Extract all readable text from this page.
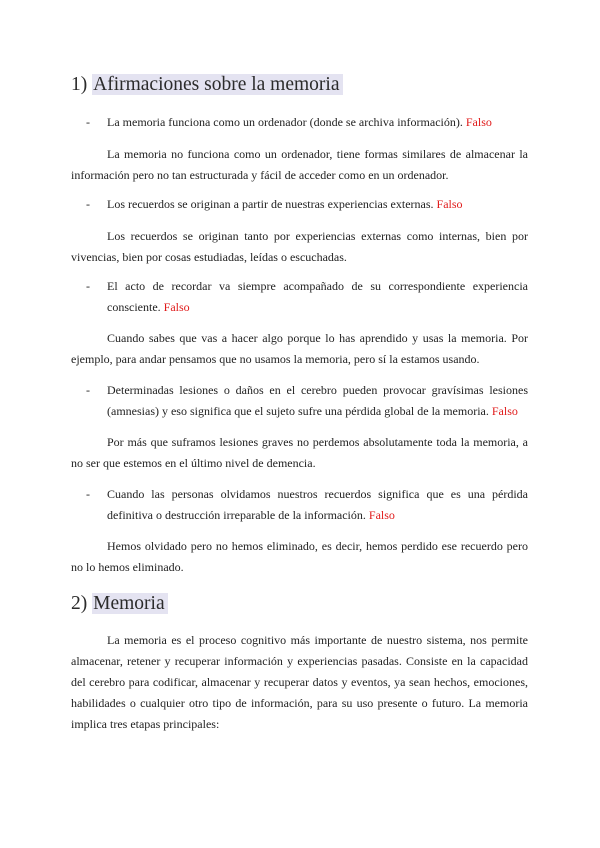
1) Afirmaciones sobre la memoria
- La memoria funciona como un ordenador (donde se archiva información). Falso

La memoria no funciona como un ordenador, tiene formas similares de almacenar la información pero no tan estructurada y fácil de acceder como en un ordenador.

- Los recuerdos se originan a partir de nuestras experiencias externas. Falso

Los recuerdos se originan tanto por experiencias externas como internas, bien por vivencias, bien por cosas estudiadas, leídas o escuchadas.

- El acto de recordar va siempre acompañado de su correspondiente experiencia consciente. Falso

Cuando sabes que vas a hacer algo porque lo has aprendido y usas la memoria. Por ejemplo, para andar pensamos que no usamos la memoria, pero sí la estamos usando.

- Determinadas lesiones o daños en el cerebro pueden provocar gravísimas lesiones (amnesias) y eso significa que el sujeto sufre una pérdida global de la memoria. Falso

Por más que suframos lesiones graves no perdemos absolutamente toda la memoria, a no ser que estemos en el último nivel de demencia.

- Cuando las personas olvidamos nuestros recuerdos significa que es una pérdida definitiva o destrucción irreparable de la información. Falso

Hemos olvidado pero no hemos eliminado, es decir, hemos perdido ese recuerdo pero no lo hemos eliminado.

2) Memoria

La memoria es el proceso cognitivo más importante de nuestro sistema, nos permite almacenar, retener y recuperar información y experiencias pasadas. Consiste en la capacidad del cerebro para codificar, almacenar y recuperar datos y eventos, ya sean hechos, emociones, habilidades o cualquier otro tipo de información, para su uso presente o futuro. La memoria implica tres etapas principales:
